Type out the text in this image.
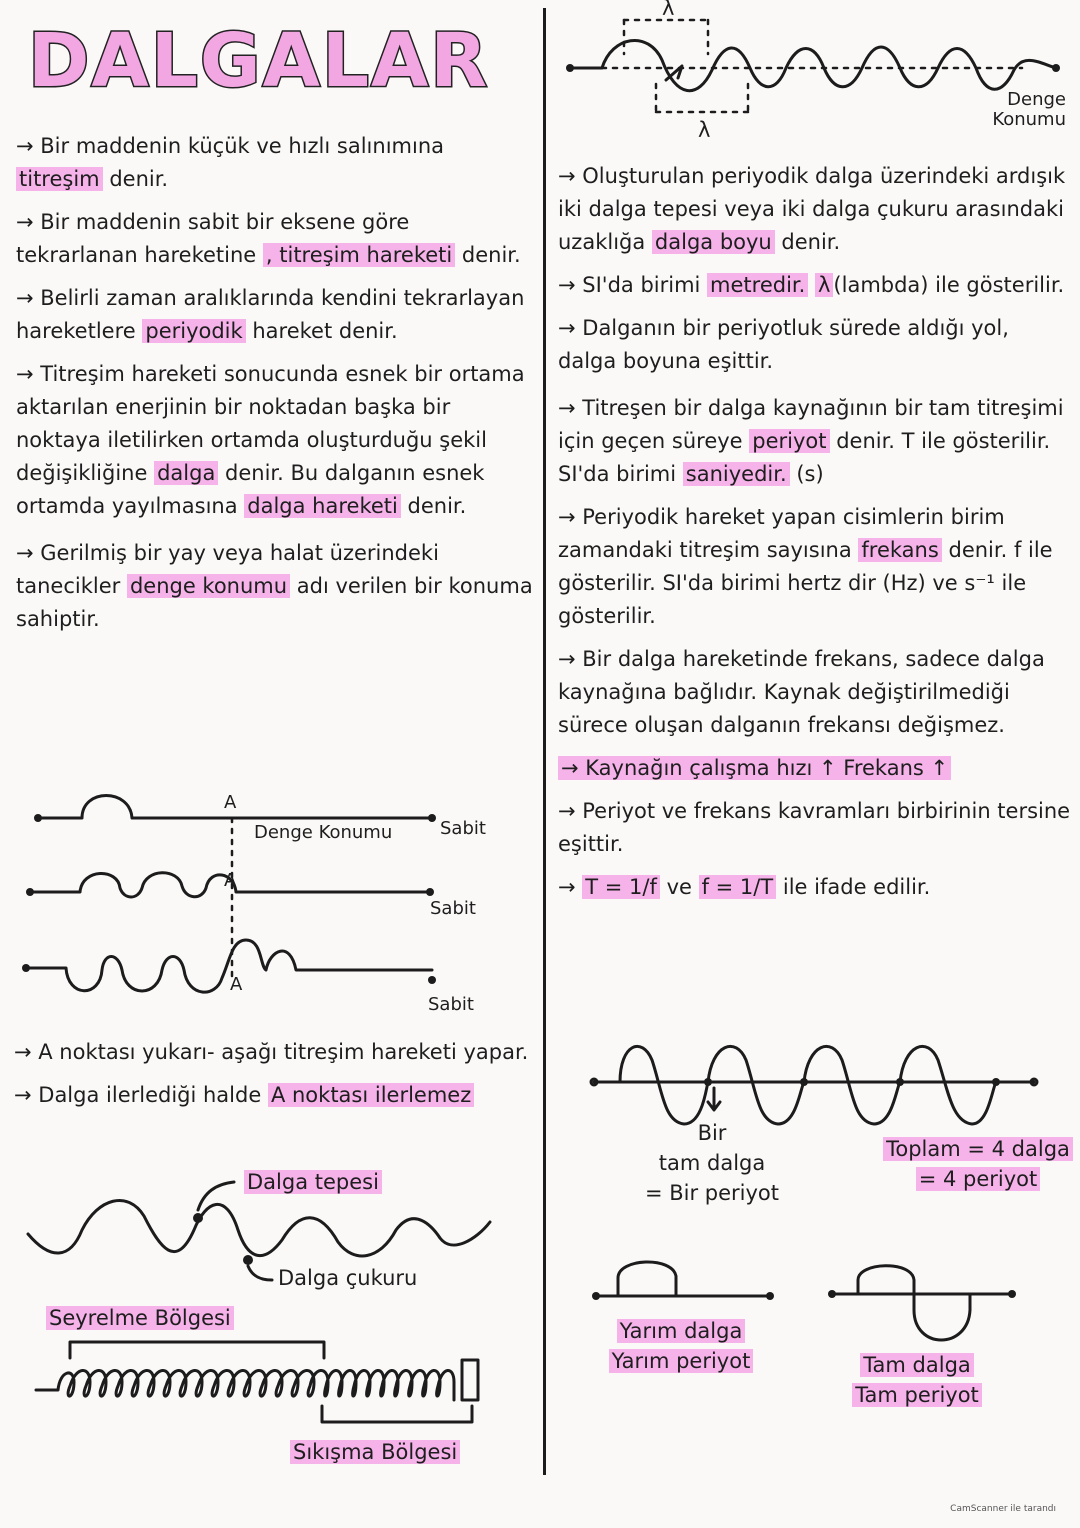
DALGALAR

→ Bir maddenin küçük ve hızlı salınımına titreşim denir.

→ Bir maddenin sabit bir eksene göre tekrarlanan hareketine , titreşim hareketi denir.

→ Belirli zaman aralıklarında kendini tekrarlayan hareketlere periyodik hareket denir.

→ Titreşim hareketi sonucunda esnek bir ortama aktarılan enerjinin bir noktadan başka bir noktaya iletilirken ortamda oluşturduğu şekil değişikliğine dalga denir. Bu dalganın esnek ortamda yayılmasına dalga hareketi denir.

→ Gerilmiş bir yay veya halat üzerindeki tanecikler denge konumu adı verilen bir konuma sahiptir.

A
A
A
Denge Konumu	Sabit
Sabit
Sabit

→ A noktası yukarı- aşağı titreşim hareketi yapar.

→ Dalga ilerlediği halde A noktası ilerlemez

Dalga tepesi
Dalga çukuru
Seyrelme Bölgesi
Sıkışma Bölgesi
λ
λ
Denge Konumu

→ Oluşturulan periyodik dalga üzerindeki ardışık iki dalga tepesi veya iki dalga çukuru arasındaki uzaklığa dalga boyu denir.

→ SI'da birimi metredir. λ (lambda) ile gösterilir.

→ Dalganın bir periyotluk sürede aldığı yol, dalga boyuna eşittir.

→ Titreşen bir dalga kaynağının bir tam titreşimi için geçen süreye periyot denir. T ile gösterilir. SI'da birimi saniyedir. (s)

→ Periyodik hareket yapan cisimlerin birim zamandaki titreşim sayısına frekans denir. f ile gösterilir. SI'da birimi hertz dir (Hz) ve s⁻¹ ile gösterilir.

→ Bir dalga hareketinde frekans, sadece dalga kaynağına bağlıdır. Kaynak değiştirilmediği sürece oluşan dalganın frekansı değişmez.

→ Kaynağın çalışma hızı ↑ Frekans ↑

→ Periyot ve frekans kavramları birbirinin tersine eşittir.

→ T = 1/f ve f = 1/T ile ifade edilir.

Bir
tam dalga
= Bir periyot
Toplam = 4 dalga
= 4 periyot
Yarım dalga
Yarım periyot	Tam dalga
Tam periyot
CamScanner ile tarandı
